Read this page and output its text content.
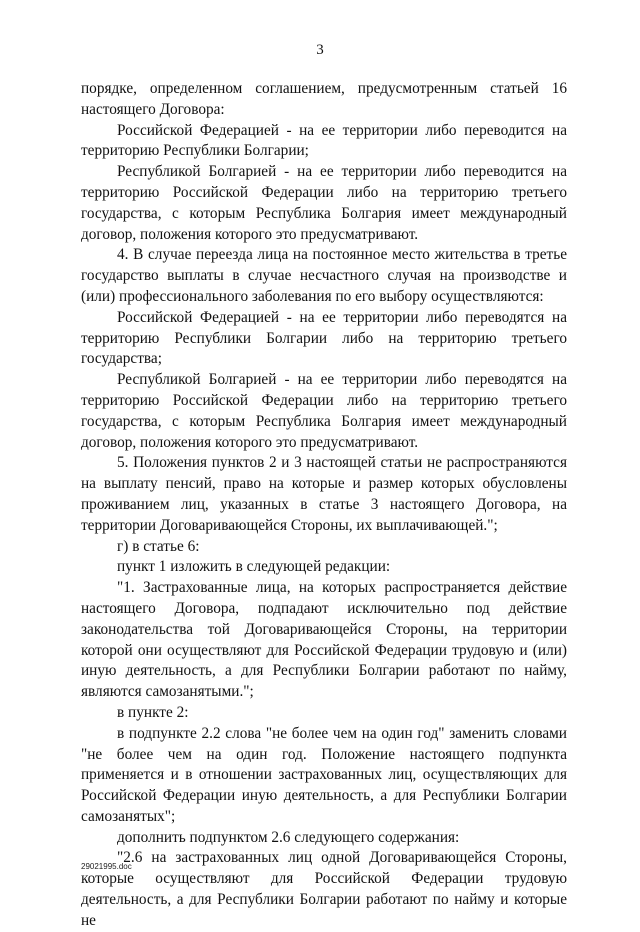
3

порядке, определенном соглашением, предусмотренным статьей 16 настоящего Договора:

Российской Федерацией - на ее территории либо переводится на территорию Республики Болгарии;

Республикой Болгарией - на ее территории либо переводится на территорию Российской Федерации либо на территорию третьего государства, с которым Республика Болгария имеет международный договор, положения которого это предусматривают.

4. В случае переезда лица на постоянное место жительства в третье государство выплаты в случае несчастного случая на производстве и (или) профессионального заболевания по его выбору осуществляются:

Российской Федерацией - на ее территории либо переводятся на территорию Республики Болгарии либо на территорию третьего государства;

Республикой Болгарией - на ее территории либо переводятся на территорию Российской Федерации либо на территорию третьего государства, с которым Республика Болгария имеет международный договор, положения которого это предусматривают.

5. Положения пунктов 2 и 3 настоящей статьи не распространяются на выплату пенсий, право на которые и размер которых обусловлены проживанием лиц, указанных в статье 3 настоящего Договора, на территории Договаривающейся Стороны, их выплачивающей.";

г) в статье 6:

пункт 1 изложить в следующей редакции:

"1. Застрахованные лица, на которых распространяется действие настоящего Договора, подпадают исключительно под действие законодательства той Договаривающейся Стороны, на территории которой они осуществляют для Российской Федерации трудовую и (или) иную деятельность, а для Республики Болгарии работают по найму, являются самозанятыми.";

в пункте 2:

в подпункте 2.2 слова "не более чем на один год" заменить словами "не более чем на один год. Положение настоящего подпункта применяется и в отношении застрахованных лиц, осуществляющих для Российской Федерации иную деятельность, а для Республики Болгарии самозанятых";

дополнить подпунктом 2.6 следующего содержания:

"2.6 на застрахованных лиц одной Договаривающейся Стороны, которые осуществляют для Российской Федерации трудовую деятельность, а для Республики Болгарии работают по найму и которые не

29021995.doc
